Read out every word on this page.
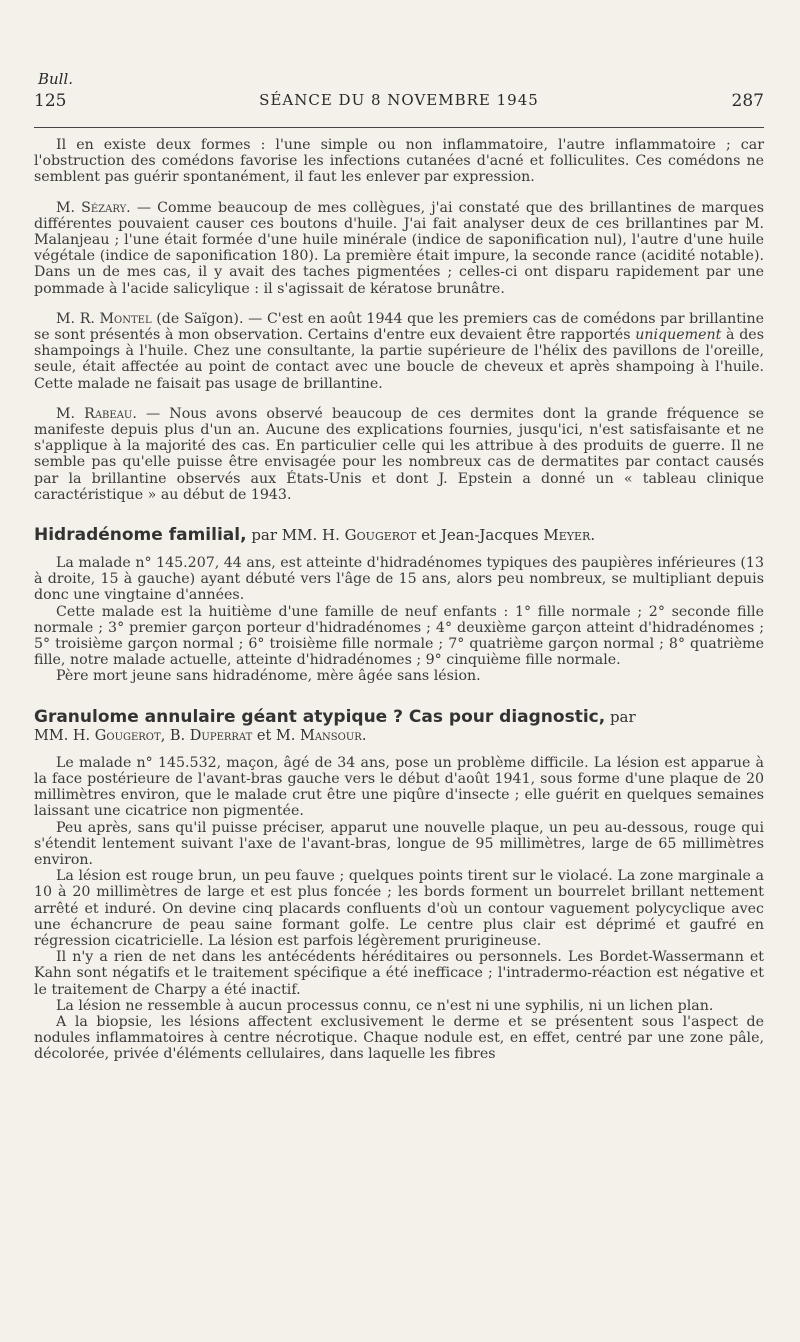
Bull.
125	SÉANCE DU 8 NOVEMBRE 1945	287

Il en existe deux formes : l'une simple ou non inflammatoire, l'autre inflammatoire ; car l'obstruction des comédons favorise les infections cutanées d'acné et folliculites. Ces comédons ne semblent pas guérir spontanément, il faut les enlever par expression.

M. Sézary. — Comme beaucoup de mes collègues, j'ai constaté que des brillantines de marques différentes pouvaient causer ces boutons d'huile. J'ai fait analyser deux de ces brillantines par M. Malanjeau ; l'une était formée d'une huile minérale (indice de saponification nul), l'autre d'une huile végétale (indice de saponification 180). La première était impure, la seconde rance (acidité notable). Dans un de mes cas, il y avait des taches pigmentées ; celles-ci ont disparu rapidement par une pommade à l'acide salicylique : il s'agissait de kératose brunâtre.

M. R. Montel (de Saïgon). — C'est en août 1944 que les premiers cas de comédons par brillantine se sont présentés à mon observation. Certains d'entre eux devaient être rapportés uniquement à des shampoings à l'huile. Chez une consultante, la partie supérieure de l'hélix des pavillons de l'oreille, seule, était affectée au point de contact avec une boucle de cheveux et après shampoing à l'huile. Cette malade ne faisait pas usage de brillantine.

M. Rabeau. — Nous avons observé beaucoup de ces dermites dont la grande fréquence se manifeste depuis plus d'un an. Aucune des explications fournies, jusqu'ici, n'est satisfaisante et ne s'applique à la majorité des cas. En particulier celle qui les attribue à des produits de guerre. Il ne semble pas qu'elle puisse être envisagée pour les nombreux cas de dermatites par contact causés par la brillantine observés aux États-Unis et dont J. Epstein a donné un « tableau clinique caractéristique » au début de 1943.

Hidradénome familial, par MM. H. Gougerot et Jean-Jacques Meyer.

La malade n° 145.207, 44 ans, est atteinte d'hidradénomes typiques des paupières inférieures (13 à droite, 15 à gauche) ayant débuté vers l'âge de 15 ans, alors peu nombreux, se multipliant depuis donc une vingtaine d'années.

Cette malade est la huitième d'une famille de neuf enfants : 1° fille normale ; 2° seconde fille normale ; 3° premier garçon porteur d'hidradénomes ; 4° deuxième garçon atteint d'hidradénomes ; 5° troisième garçon normal ; 6° troisième fille normale ; 7° quatrième garçon normal ; 8° quatrième fille, notre malade actuelle, atteinte d'hidradénomes ; 9° cinquième fille normale.

Père mort jeune sans hidradénome, mère âgée sans lésion.

Granulome annulaire géant atypique ? Cas pour diagnostic, par
MM. H. Gougerot, B. Duperrat et M. Mansour.

Le malade n° 145.532, maçon, âgé de 34 ans, pose un problème difficile. La lésion est apparue à la face postérieure de l'avant-bras gauche vers le début d'août 1941, sous forme d'une plaque de 20 millimètres environ, que le malade crut être une piqûre d'insecte ; elle guérit en quelques semaines laissant une cicatrice non pigmentée.

Peu après, sans qu'il puisse préciser, apparut une nouvelle plaque, un peu au-dessous, rouge qui s'étendit lentement suivant l'axe de l'avant-bras, longue de 95 millimètres, large de 65 millimètres environ.

La lésion est rouge brun, un peu fauve ; quelques points tirent sur le violacé. La zone marginale a 10 à 20 millimètres de large et est plus foncée ; les bords forment un bourrelet brillant nettement arrêté et induré. On devine cinq placards confluents d'où un contour vaguement polycyclique avec une échancrure de peau saine formant golfe. Le centre plus clair est déprimé et gaufré en régression cicatricielle. La lésion est parfois légèrement prurigineuse.

Il n'y a rien de net dans les antécédents héréditaires ou personnels. Les Bordet-Wassermann et Kahn sont négatifs et le traitement spécifique a été inefficace ; l'intradermo-réaction est négative et le traitement de Charpy a été inactif.

La lésion ne ressemble à aucun processus connu, ce n'est ni une syphilis, ni un lichen plan.

A la biopsie, les lésions affectent exclusivement le derme et se présentent sous l'aspect de nodules inflammatoires à centre nécrotique. Chaque nodule est, en effet, centré par une zone pâle, décolorée, privée d'éléments cellulaires, dans laquelle les fibres
